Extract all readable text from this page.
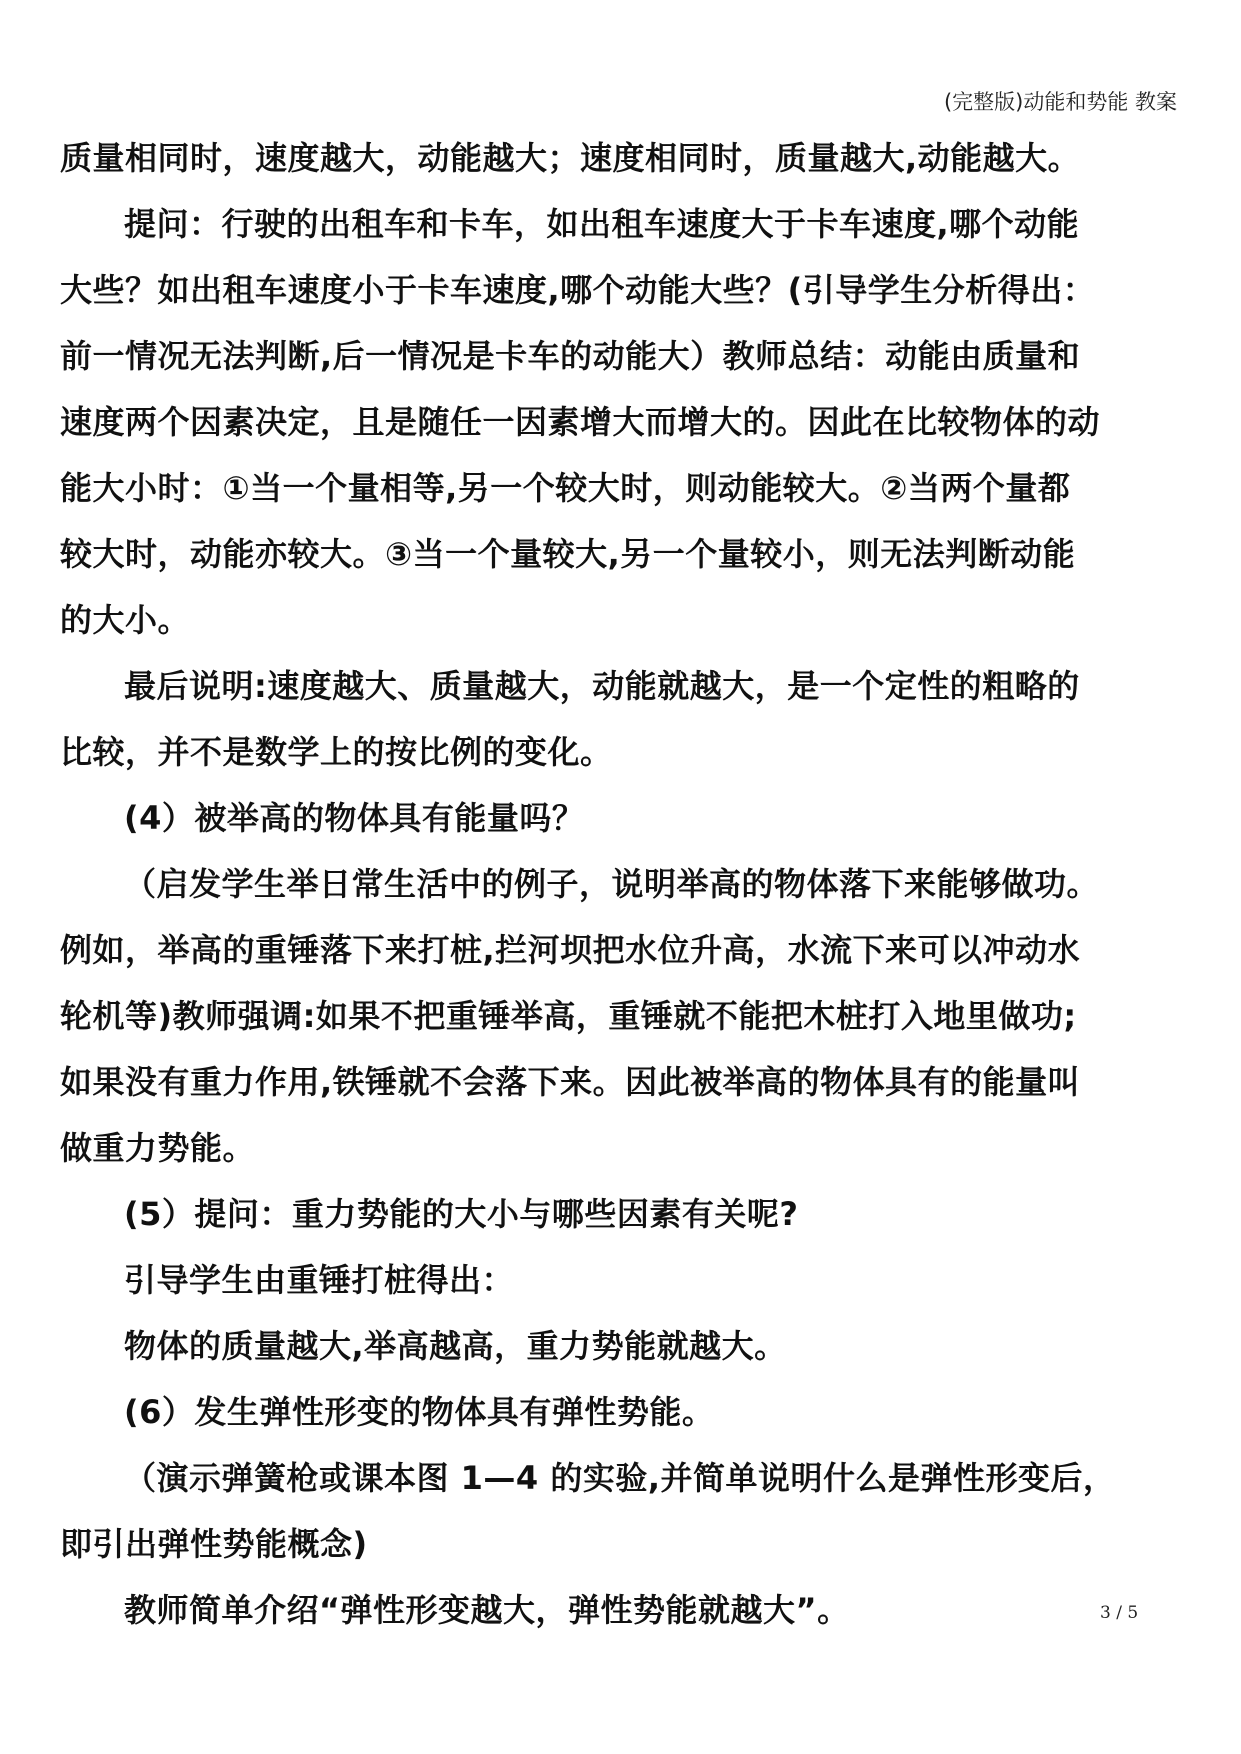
(完整版)动能和势能 教案
质量相同时，速度越大，动能越大；速度相同时，质量越大,动能越大。
提问：行驶的出租车和卡车，如出租车速度大于卡车速度,哪个动能
大些？如出租车速度小于卡车速度,哪个动能大些？(引导学生分析得出：
前一情况无法判断,后一情况是卡车的动能大）教师总结：动能由质量和
速度两个因素决定，且是随任一因素增大而增大的。因此在比较物体的动
能大小时：①当一个量相等,另一个较大时，则动能较大。②当两个量都
较大时，动能亦较大。③当一个量较大,另一个量较小，则无法判断动能
的大小。
最后说明:速度越大、质量越大，动能就越大，是一个定性的粗略的
比较，并不是数学上的按比例的变化。
(4）被举高的物体具有能量吗？
（启发学生举日常生活中的例子，说明举高的物体落下来能够做功。
例如，举高的重锤落下来打桩,拦河坝把水位升高，水流下来可以冲动水
轮机等)教师强调:如果不把重锤举高，重锤就不能把木桩打入地里做功;
如果没有重力作用,铁锤就不会落下来。因此被举高的物体具有的能量叫
做重力势能。
(5）提问：重力势能的大小与哪些因素有关呢?
引导学生由重锤打桩得出：
物体的质量越大,举高越高，重力势能就越大。
(6）发生弹性形变的物体具有弹性势能。
（演示弹簧枪或课本图 1—4 的实验,并简单说明什么是弹性形变后，
即引出弹性势能概念)
教师简单介绍“弹性形变越大，弹性势能就越大”。	3 / 5
